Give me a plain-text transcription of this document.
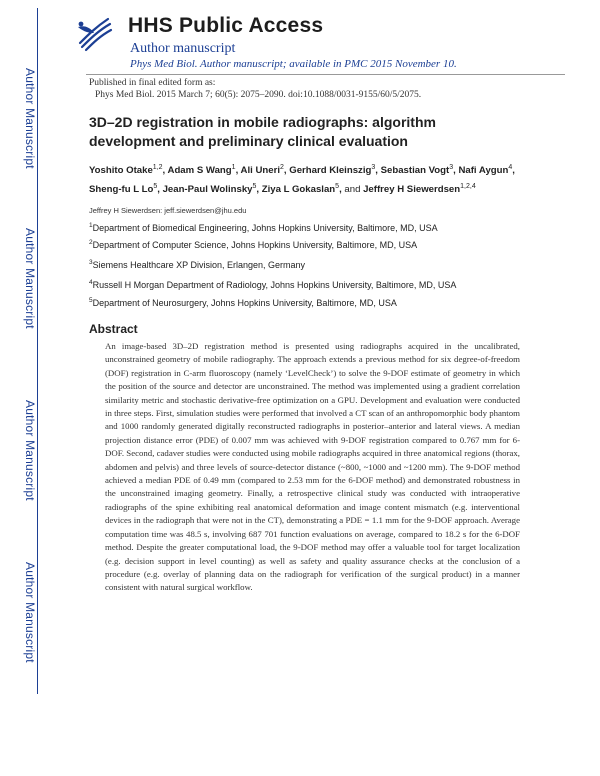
Author Manuscript
Author Manuscript
Author Manuscript
Author Manuscript
HHS Public Access
Author manuscript
Phys Med Biol. Author manuscript; available in PMC 2015 November 10.
Published in final edited form as:
Phys Med Biol. 2015 March 7; 60(5): 2075–2090. doi:10.1088/0031-9155/60/5/2075.
3D–2D registration in mobile radiographs: algorithm development and preliminary clinical evaluation
Yoshito Otake$^{1,2}$, Adam S Wang$^1$, Ali Uneri$^2$, Gerhard Kleinszig$^3$, Sebastian Vogt$^3$, Nafi Aygun$^4$, Sheng-fu L Lo$^5$, Jean-Paul Wolinsky$^5$, Ziya L Gokaslan$^5$, and Jeffrey H Siewerdsen$^{1,2,4}$
Jeffrey H Siewerdsen: jeff.siewerdsen@jhu.edu
$^1$Department of Biomedical Engineering, Johns Hopkins University, Baltimore, MD, USA
$^2$Department of Computer Science, Johns Hopkins University, Baltimore, MD, USA
$^3$Siemens Healthcare XP Division, Erlangen, Germany
$^4$Russell H Morgan Department of Radiology, Johns Hopkins University, Baltimore, MD, USA
$^5$Department of Neurosurgery, Johns Hopkins University, Baltimore, MD, USA
Abstract
An image-based 3D–2D registration method is presented using radiographs acquired in the uncalibrated, unconstrained geometry of mobile radiography. The approach extends a previous method for six degree-of-freedom (DOF) registration in C-arm fluoroscopy (namely ‘LevelCheck’) to solve the 9-DOF estimate of geometry in which the position of the source and detector are unconstrained. The method was implemented using a gradient correlation similarity metric and stochastic derivative-free optimization on a GPU. Development and evaluation were conducted in three steps. First, simulation studies were performed that involved a CT scan of an anthropomorphic body phantom and 1000 randomly generated digitally reconstructed radiographs in posterior–anterior and lateral views. A median projection distance error (PDE) of 0.007 mm was achieved with 9-DOF registration compared to 0.767 mm for 6-DOF. Second, cadaver studies were conducted using mobile radiographs acquired in three anatomical regions (thorax, abdomen and pelvis) and three levels of source-detector distance (~800, ~1000 and ~1200 mm). The 9-DOF method achieved a median PDE of 0.49 mm (compared to 2.53 mm for the 6-DOF method) and demonstrated robustness in the unconstrained imaging geometry. Finally, a retrospective clinical study was conducted with intraoperative radiographs of the spine exhibiting real anatomical deformation and image content mismatch (e.g. interventional devices in the radiograph that were not in the CT), demonstrating a PDE = 1.1 mm for the 9-DOF approach. Average computation time was 48.5 s, involving 687 701 function evaluations on average, compared to 18.2 s for the 6-DOF method. Despite the greater computational load, the 9-DOF method may offer a valuable tool for target localization (e.g. decision support in level counting) as well as safety and quality assurance checks at the conclusion of a procedure (e.g. overlay of planning data on the radiograph for verification of the surgical product) in a manner consistent with natural surgical workflow.
